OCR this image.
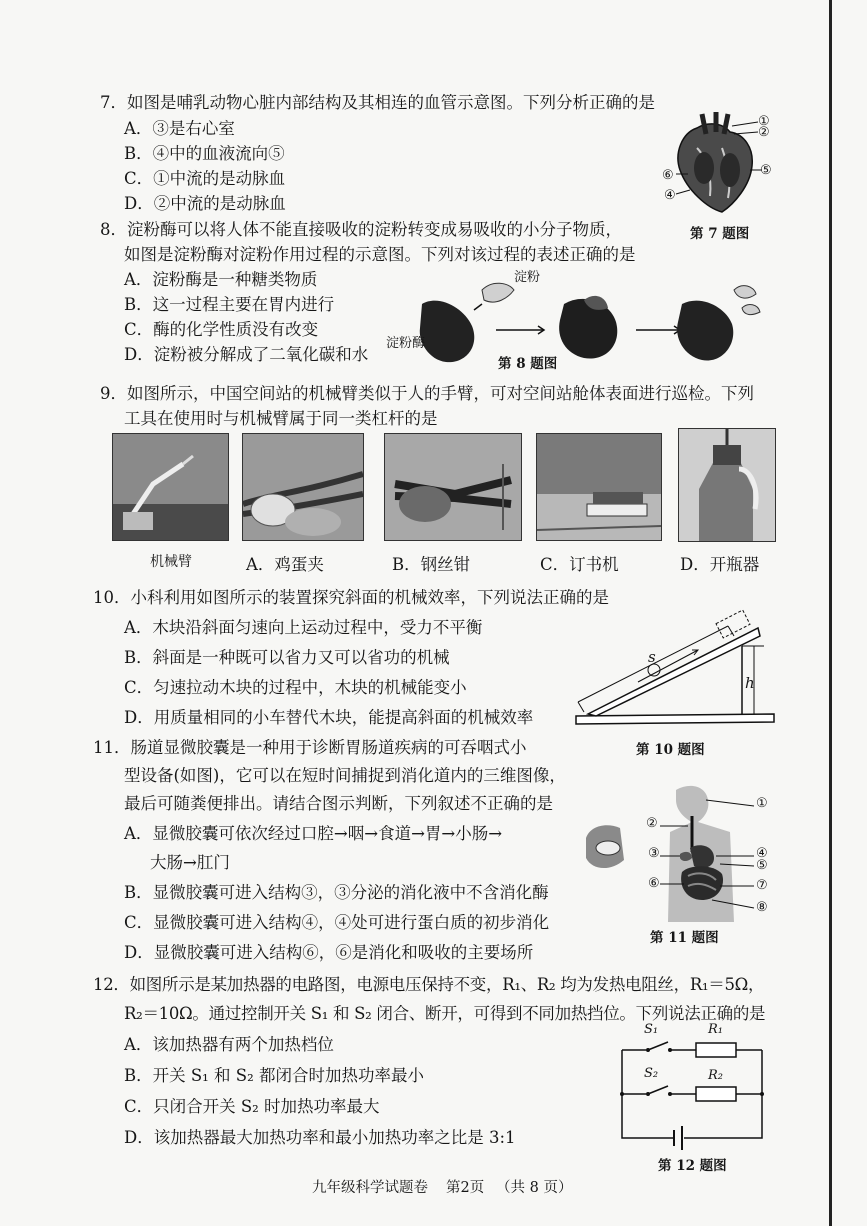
7．如图是哺乳动物心脏内部结构及其相连的血管示意图。下列分析正确的是
A．③是右心室
B．④中的血液流向⑤
C．①中流的是动脉血
D．②中流的是动脉血
①
②
⑤
⑥
④
第 7 题图
8．淀粉酶可以将人体不能直接吸收的淀粉转变成易吸收的小分子物质，
如图是淀粉酶对淀粉作用过程的示意图。下列对该过程的表述正确的是
A．淀粉酶是一种糖类物质
B．这一过程主要在胃内进行
C．酶的化学性质没有改变
D．淀粉被分解成了二氧化碳和水
淀粉
淀粉酶
第 8 题图
9．如图所示，中国空间站的机械臂类似于人的手臂，可对空间站舱体表面进行巡检。下列
工具在使用时与机械臂属于同一类杠杆的是
机械臂	A．鸡蛋夹	B．钢丝钳	C．订书机	D．开瓶器
10．小科利用如图所示的装置探究斜面的机械效率，下列说法正确的是
A．木块沿斜面匀速向上运动过程中，受力不平衡
B．斜面是一种既可以省力又可以省功的机械
C．匀速拉动木块的过程中，木块的机械能变小
D．用质量相同的小车替代木块，能提高斜面的机械效率
s
h
第 10 题图
11．肠道显微胶囊是一种用于诊断胃肠道疾病的可吞咽式小
型设备(如图)，它可以在短时间捕捉到消化道内的三维图像，
最后可随粪便排出。请结合图示判断，下列叙述不正确的是
A．显微胶囊可依次经过口腔→咽→食道→胃→小肠→
大肠→肛门
B．显微胶囊可进入结构③，③分泌的消化液中不含消化酶
C．显微胶囊可进入结构④，④处可进行蛋白质的初步消化
D．显微胶囊可进入结构⑥，⑥是消化和吸收的主要场所
①
②
③	④
⑤
⑥	⑦
⑧
第 11 题图
12．如图所示是某加热器的电路图，电源电压保持不变，R₁、R₂ 均为发热电阻丝，R₁＝5Ω，
R₂＝10Ω。通过控制开关 S₁ 和 S₂ 闭合、断开，可得到不同加热挡位。下列说法正确的是
A．该加热器有两个加热档位
B．开关 S₁ 和 S₂ 都闭合时加热功率最小
C．只闭合开关 S₂ 时加热功率最大
D．该加热器最大加热功率和最小加热功率之比是 3:1
S₁	R₁
S₂	R₂
第 12 题图
九年级科学试题卷 第2页 （共 8 页）
